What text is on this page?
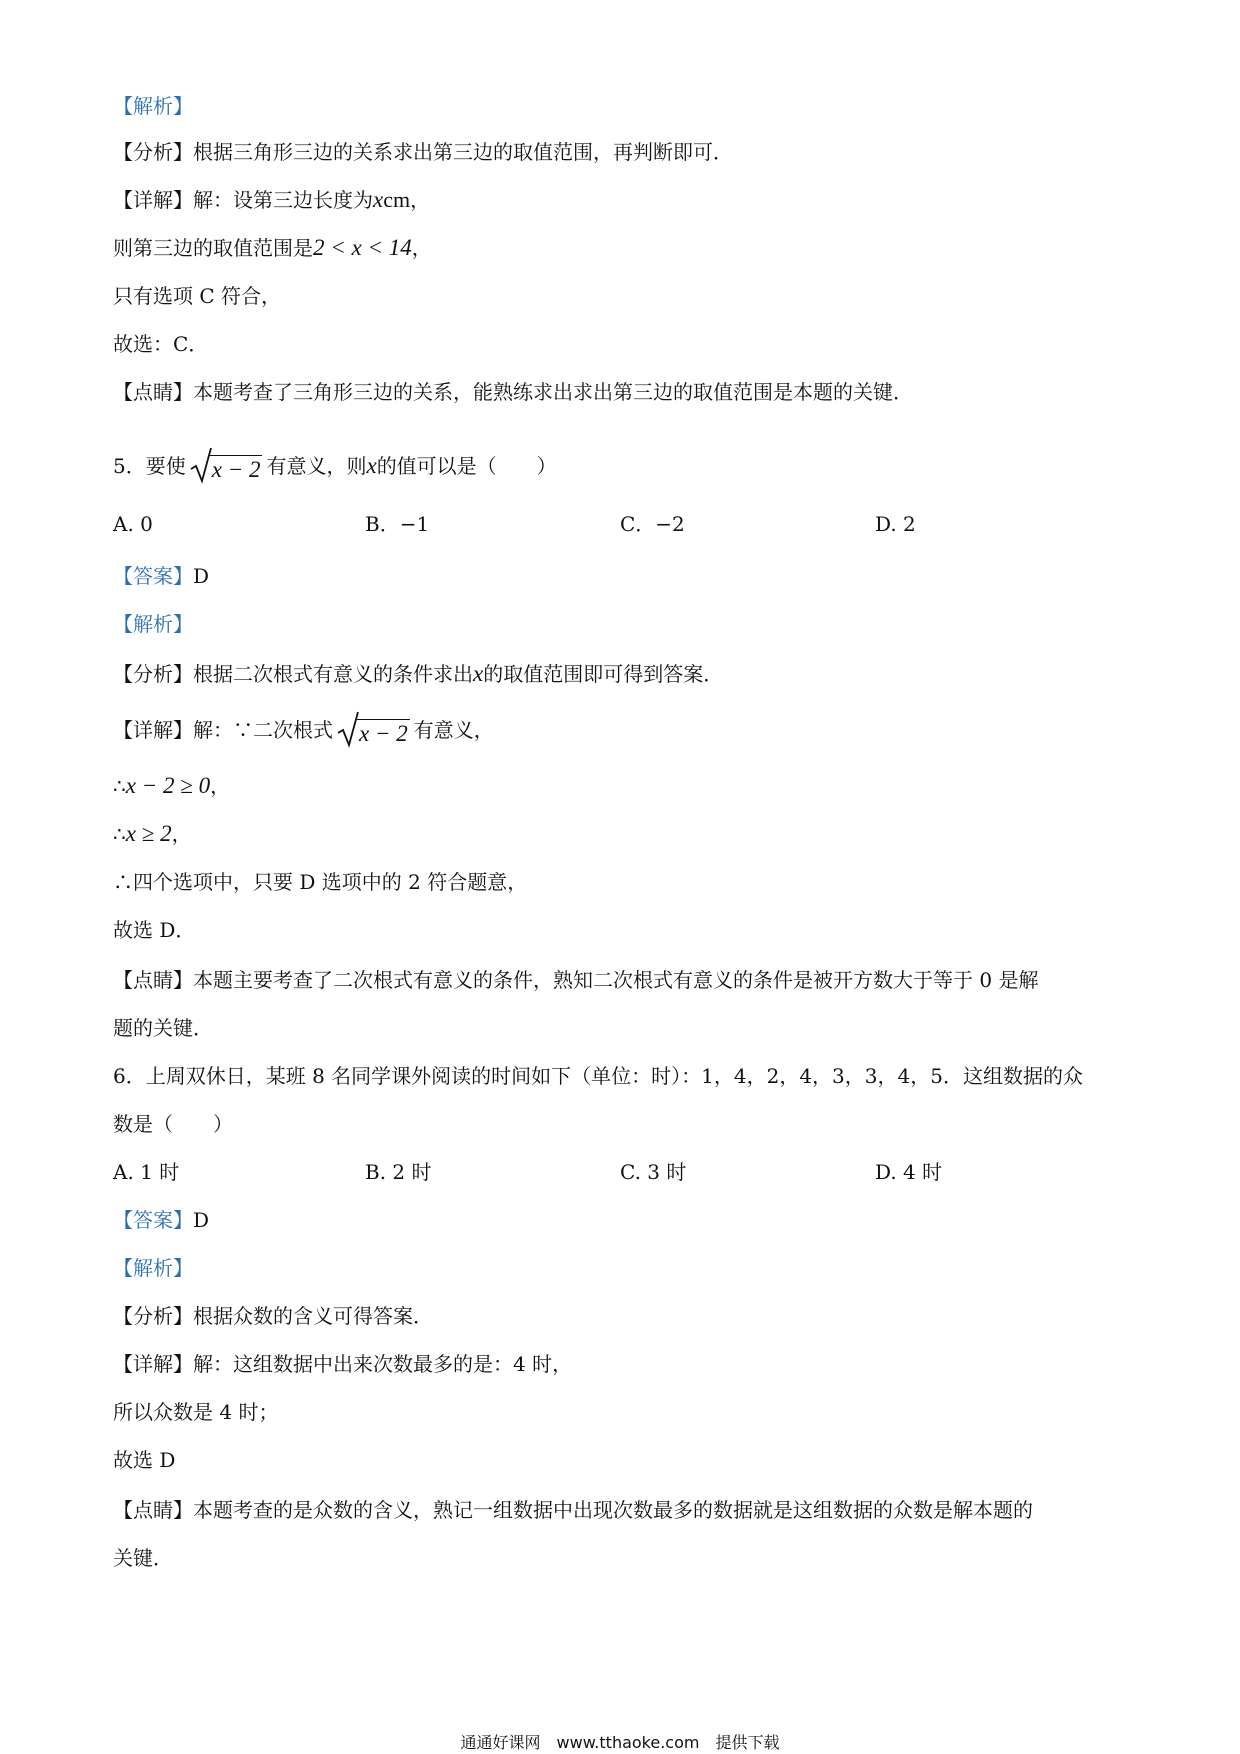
【解析】
【分析】根据三角形三边的关系求出第三边的取值范围，再判断即可．
【详解】解：设第三边长度为xcm，
则第三边的取值范围是2 < x < 14，
只有选项 C 符合，
故选：C．
【点睛】本题考查了三角形三边的关系，能熟练求出求出第三边的取值范围是本题的关键．
5．要使 x − 2 有意义，则x的值可以是（　　）
A. 0	B．−1	C．−2	D. 2
【答案】D
【解析】
【分析】根据二次根式有意义的条件求出x的取值范围即可得到答案．
【详解】解：∵二次根式 x − 2 有意义，
∴x − 2 ≥ 0，
∴x ≥ 2，
∴四个选项中，只要 D 选项中的 2 符合题意，
故选 D．
【点睛】本题主要考查了二次根式有意义的条件，熟知二次根式有意义的条件是被开方数大于等于 0 是解
题的关键．
6．上周双休日，某班 8 名同学课外阅读的时间如下（单位：时）：1，4，2，4，3，3，4，5．这组数据的众
数是（　　）
A. 1 时	B. 2 时	C. 3 时	D. 4 时
【答案】D
【解析】
【分析】根据众数的含义可得答案．
【详解】解：这组数据中出来次数最多的是：4 时，
所以众数是 4 时；
故选 D
【点睛】本题考查的是众数的含义，熟记一组数据中出现次数最多的数据就是这组数据的众数是解本题的
关键．
通通好课网　www.tthaoke.com　提供下载
